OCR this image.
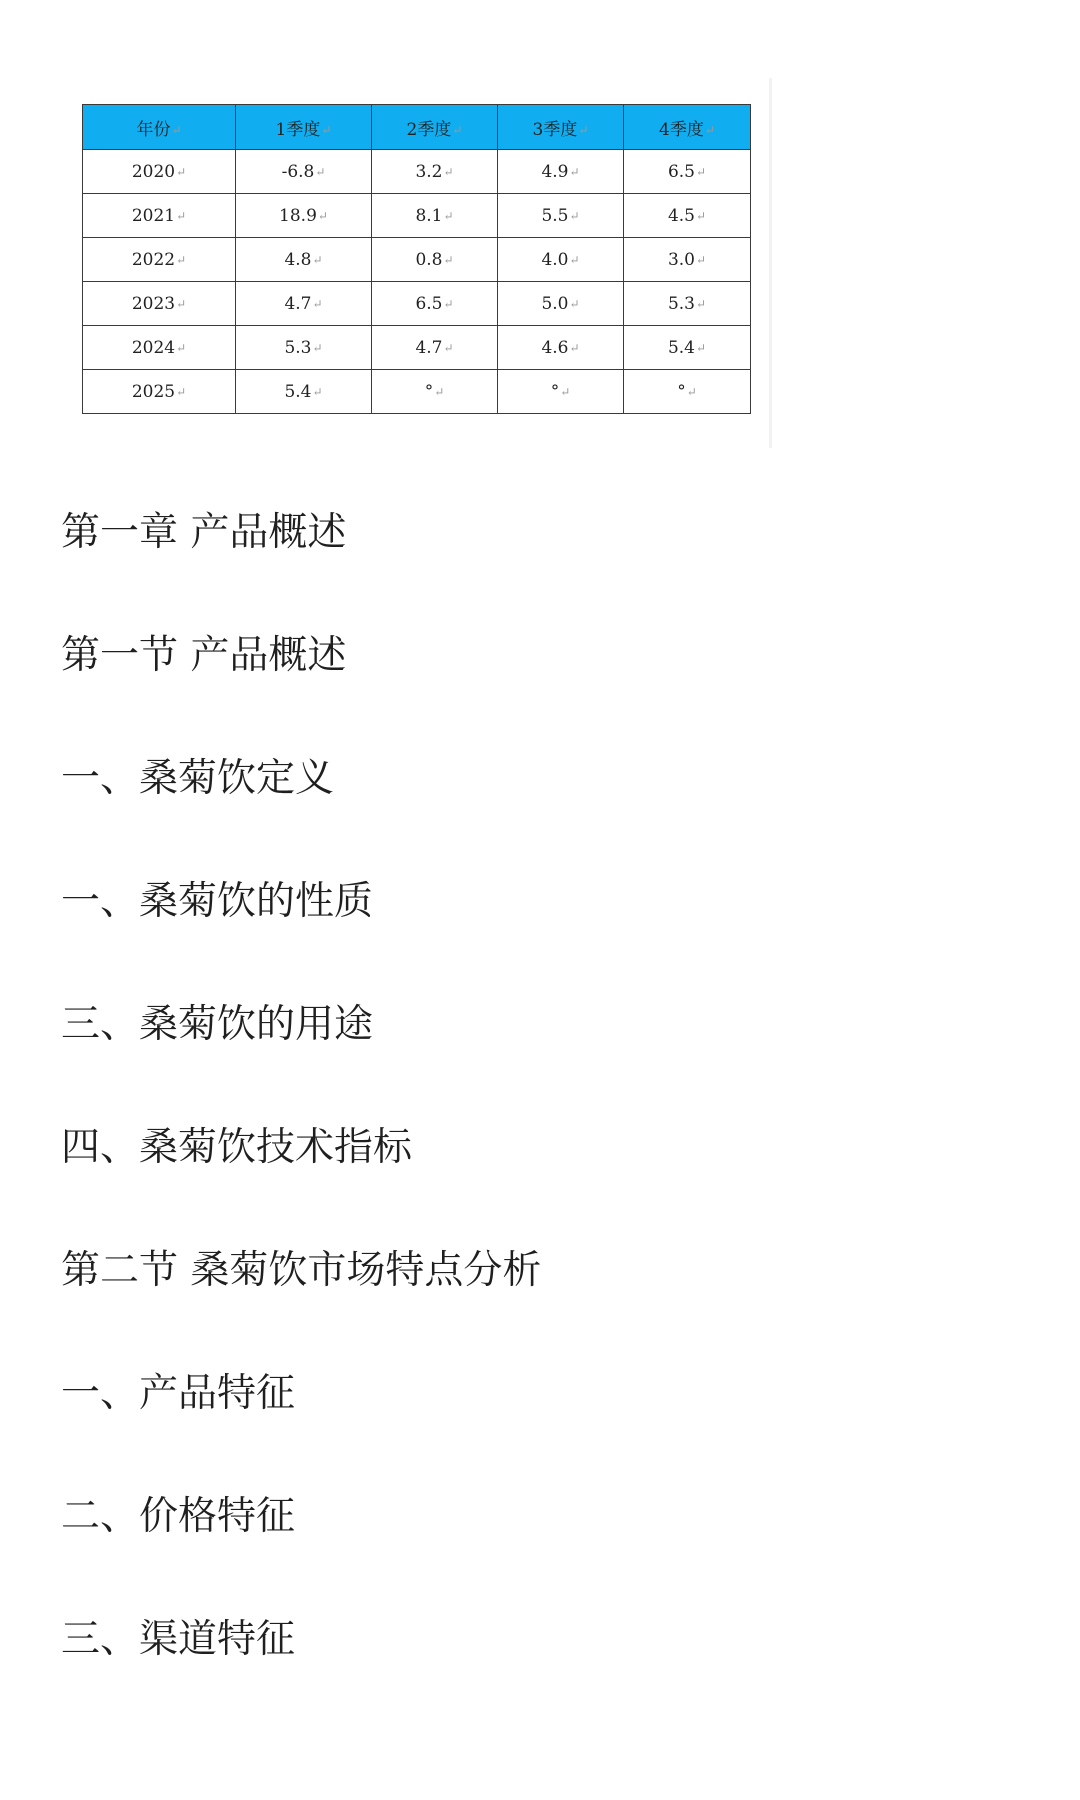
年份↵	1季度↵	2季度↵	3季度↵	4季度↵
2020↵	-6.8↵	3.2↵	4.9↵	6.5↵
2021↵	18.9↵	8.1↵	5.5↵	4.5↵
2022↵	4.8↵	0.8↵	4.0↵	3.0↵
2023↵	4.7↵	6.5↵	5.0↵	5.3↵
2024↵	5.3↵	4.7↵	4.6↵	5.4↵
2025↵	5.4↵	°↵	°↵	°↵
第一章 产品概述
第一节 产品概述
一、桑菊饮定义
一、桑菊饮的性质
三、桑菊饮的用途
四、桑菊饮技术指标
第二节 桑菊饮市场特点分析
一、产品特征
二、价格特征
三、渠道特征
